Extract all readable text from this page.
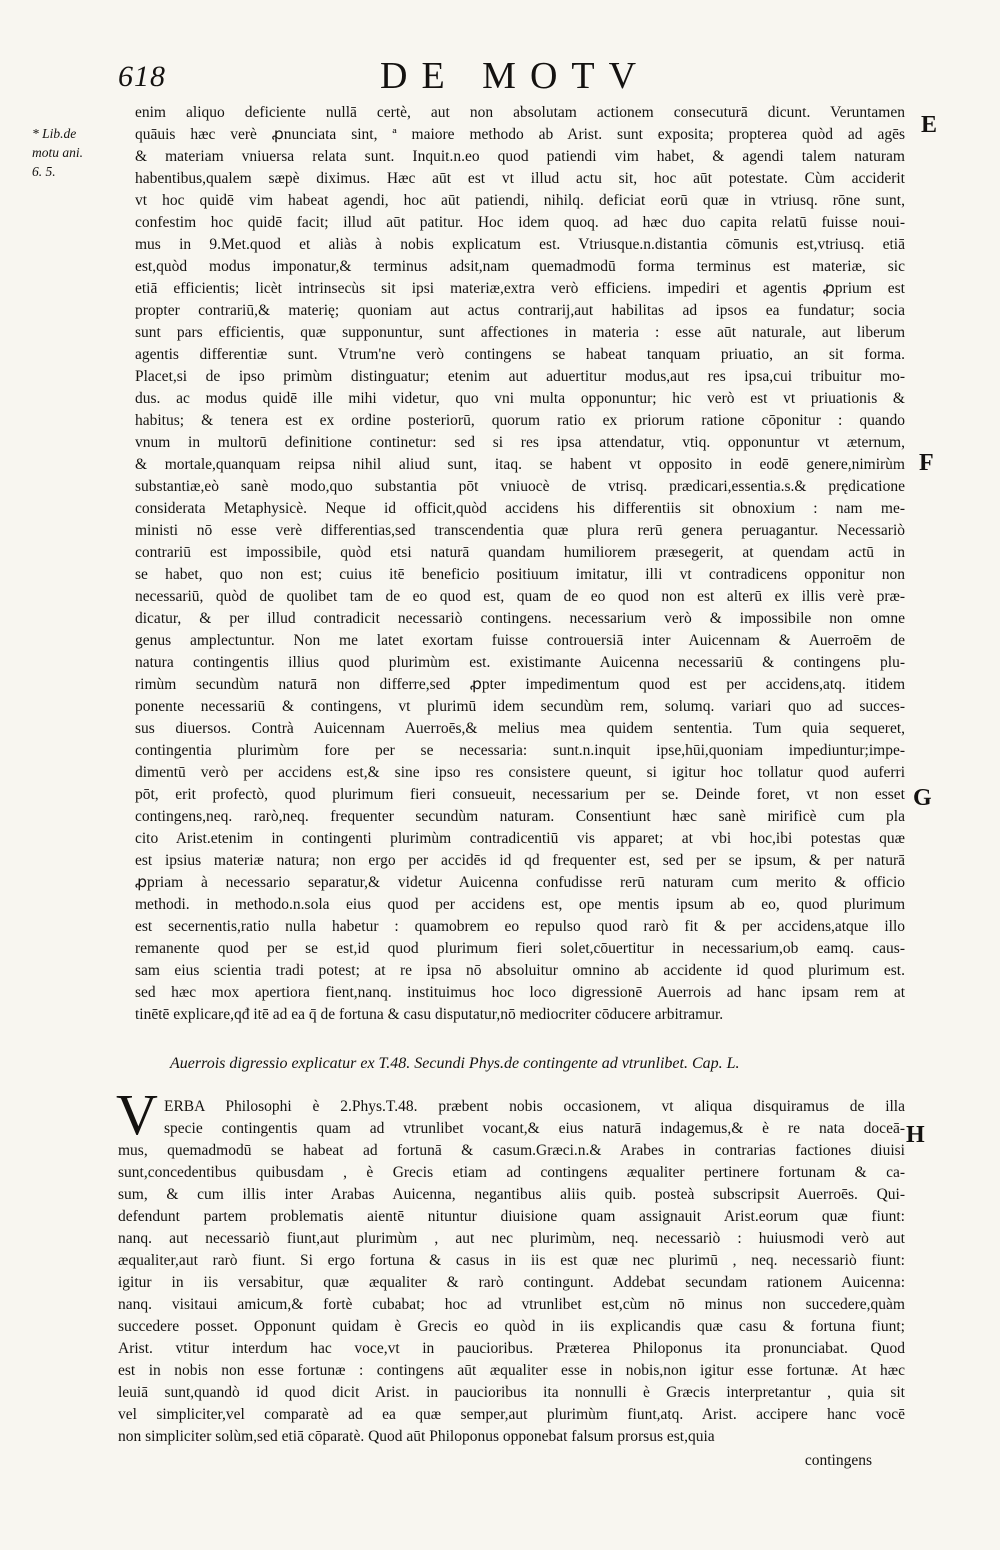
618	DE MOTV
* Lib.de
motu ani.
6. 5.
E
F
G
H
enim aliquo deficiente nullā certè, aut non absolutam actionem consecuturā dicunt. Veruntamen
quāuis hæc verè ꝓnunciata sint, ª maiore methodo ab Arist. sunt exposita; propterea quòd ad agēs
& materiam vniuersa relata sunt. Inquit.n.eo quod patiendi vim habet, & agendi talem naturam
habentibus,qualem sæpè diximus. Hæc aūt est vt illud actu sit, hoc aūt potestate. Cùm acciderit
vt hoc quidē vim habeat agendi, hoc aūt patiendi, nihilq. deficiat eorū quæ in vtriusq. rōne sunt,
confestim hoc quidē facit; illud aūt patitur. Hoc idem quoq. ad hæc duo capita relatū fuisse noui-
mus in 9.Met.quod et aliàs à nobis explicatum est. Vtriusque.n.distantia cōmunis est,vtriusq. etiā
est,quòd modus imponatur,& terminus adsit,nam quemadmodū forma terminus est materiæ, sic
etiā efficientis; licèt intrinsecùs sit ipsi materiæ,extra verò efficiens. impediri et agentis ꝓprium est
propter contrariū,& materię; quoniam aut actus contrarij,aut habilitas ad ipsos ea fundatur; socia
sunt pars efficientis, quæ supponuntur, sunt affectiones in materia : esse aūt naturale, aut liberum
agentis differentiæ sunt. Vtrum'ne verò contingens se habeat tanquam priuatio, an sit forma.
Placet,si de ipso primùm distinguatur; etenim aut aduertitur modus,aut res ipsa,cui tribuitur mo-
dus. ac modus quidē ille mihi videtur, quo vni multa opponuntur; hic verò est vt priuationis &
habitus; & tenera est ex ordine posteriorū, quorum ratio ex priorum ratione cōponitur : quando
vnum in multorū definitione continetur: sed si res ipsa attendatur, vtiq. opponuntur vt æternum,
& mortale,quanquam reipsa nihil aliud sunt, itaq. se habent vt opposito in eodē genere,nimirùm
substantiæ,eò sanè modo,quo substantia pōt vniuocè de vtrisq. prædicari,essentia.s.& prędicatione
considerata Metaphysicè. Neque id officit,quòd accidens his differentiis sit obnoxium : nam me-
ministi nō esse verè differentias,sed transcendentia quæ plura rerū genera peruagantur. Necessariò
contrariū est impossibile, quòd etsi naturā quandam humiliorem præsegerit, at quendam actū in
se habet, quo non est; cuius itē beneficio positiuum imitatur, illi vt contradicens opponitur non
necessariū, quòd de quolibet tam de eo quod est, quam de eo quod non est alterū ex illis verè præ-
dicatur, & per illud contradicit necessariò contingens. necessarium verò & impossibile non omne
genus amplectuntur. Non me latet exortam fuisse controuersiā inter Auicennam & Auerroēm de
natura contingentis illius quod plurimùm est. existimante Auicenna necessariū & contingens plu-
rimùm secundùm naturā non differre,sed ꝓpter impedimentum quod est per accidens,atq. itidem
ponente necessariū & contingens, vt plurimū idem secundùm rem, solumq. variari quo ad succes-
sus diuersos. Contrà Auicennam Auerroēs,& melius mea quidem sententia. Tum quia sequeret,
contingentia plurimùm fore per se necessaria: sunt.n.inquit ipse,hūi,quoniam impediuntur;impe-
dimentū verò per accidens est,& sine ipso res consistere queunt, si igitur hoc tollatur quod auferri
pōt, erit profectò, quod plurimum fieri consueuit, necessarium per se. Deinde foret, vt non esset
contingens,neq. rarò,neq. frequenter secundùm naturam. Consentiunt hæc sanè mirificè cum pla
cito Arist.etenim in contingenti plurimùm contradicentiū vis apparet; at vbi hoc,ibi potestas quæ
est ipsius materiæ natura; non ergo per accidēs id qd frequenter est, sed per se ipsum, & per naturā
ꝓpriam à necessario separatur,& videtur Auicenna confudisse rerū naturam cum merito & officio
methodi. in methodo.n.sola eius quod per accidens est, ope mentis ipsum ab eo, quod plurimum
est secernentis,ratio nulla habetur : quamobrem eo repulso quod rarò fit & per accidens,atque illo
remanente quod per se est,id quod plurimum fieri solet,cōuertitur in necessarium,ob eamq. caus-
sam eius scientia tradi potest; at re ipsa nō absoluitur omnino ab accidente id quod plurimum est.
sed hæc mox apertiora fient,nanq. instituimus hoc loco digressionē Auerrois ad hanc ipsam rem at
tinētē explicare,qđ itē ad ea q̄ de fortuna & casu disputatur,nō mediocriter cōducere arbitramur.
Auerrois digressio explicatur ex T.48. Secundi Phys.de contingente ad vtrunlibet. Cap. L.
V ERBA Philosophi è 2.Phys.T.48. præbent nobis occasionem, vt aliqua disquiramus de illa
specie contingentis quam ad vtrunlibet vocant,& eius naturā indagemus,& è re nata doceā-
mus, quemadmodū se habeat ad fortunā & casum.Græci.n.& Arabes in contrarias factiones diuisi
sunt,concedentibus quibusdam , è Grecis etiam ad contingens æqualiter pertinere fortunam & ca-
sum, & cum illis inter Arabas Auicenna, negantibus aliis quib. posteà subscripsit Auerroēs. Qui-
defendunt partem problematis aientē nituntur diuisione quam assignauit Arist.eorum quæ fiunt:
nanq. aut necessariò fiunt,aut plurimùm , aut nec plurimùm, neq. necessariò : huiusmodi verò aut
æqualiter,aut rarò fiunt. Si ergo fortuna & casus in iis est quæ nec plurimū , neq. necessariò fiunt:
igitur in iis versabitur, quæ æqualiter & rarò contingunt. Addebat secundam rationem Auicenna:
nanq. visitaui amicum,& fortè cubabat; hoc ad vtrunlibet est,cùm nō minus non succedere,quàm
succedere posset. Opponunt quidam è Grecis eo quòd in iis explicandis quæ casu & fortuna fiunt;
Arist. vtitur interdum hac voce,vt in paucioribus. Præterea Philoponus ita pronunciabat. Quod
est in nobis non esse fortunæ : contingens aūt æqualiter esse in nobis,non igitur esse fortunæ. At hæc
leuiā sunt,quandò id quod dicit Arist. in paucioribus ita nonnulli è Græcis interpretantur , quia sit
vel simpliciter,vel comparatè ad ea quæ semper,aut plurimùm fiunt,atq. Arist. accipere hanc vocē
non simpliciter solùm,sed etiā cōparatè. Quod aūt Philoponus opponebat falsum prorsus est,quia
contingens
